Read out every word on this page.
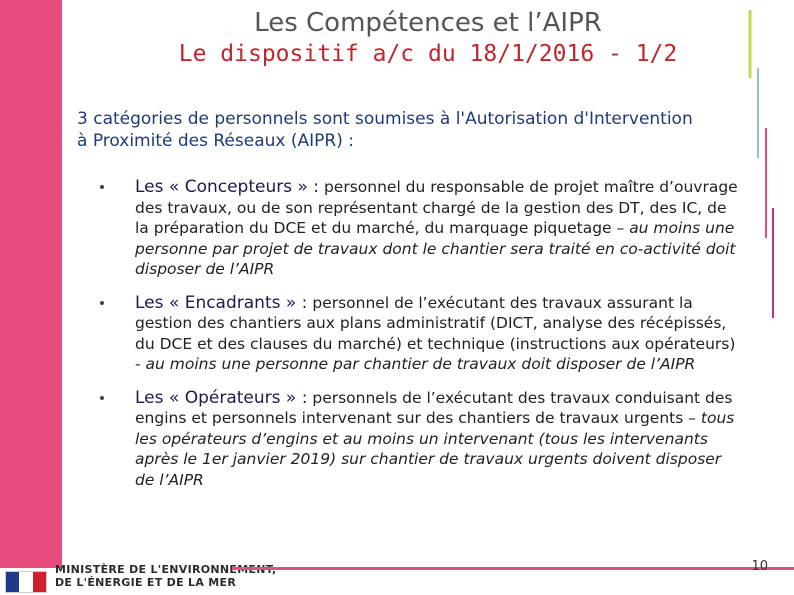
Les Compétences et l’AIPR
Le dispositif a/c du 18/1/2016 - 1/2
3 catégories de personnels sont soumises à l'Autorisation d'Intervention à Proximité des Réseaux (AIPR) :
Les « Concepteurs » : personnel du responsable de projet maître d’ouvrage des travaux, ou de son représentant chargé de la gestion des DT, des IC, de la préparation du DCE et du marché, du marquage piquetage – au moins une personne par projet de travaux dont le chantier sera traité en co-activité doit disposer de l’AIPR
Les « Encadrants » : personnel de l’exécutant des travaux assurant la gestion des chantiers aux plans administratif (DICT, analyse des récépissés, du DCE et des clauses du marché) et technique (instructions aux opérateurs) - au moins une personne par chantier de travaux doit disposer de l’AIPR
Les « Opérateurs » : personnels de l’exécutant des travaux conduisant des engins et personnels intervenant sur des chantiers de travaux urgents – tous les opérateurs d’engins et au moins un intervenant (tous les intervenants après le 1er janvier 2019) sur chantier de travaux urgents doivent disposer de l’AIPR
MINISTÈRE DE L'ENVIRONNEMENT,
DE L'ÉNERGIE ET DE LA MER
10
